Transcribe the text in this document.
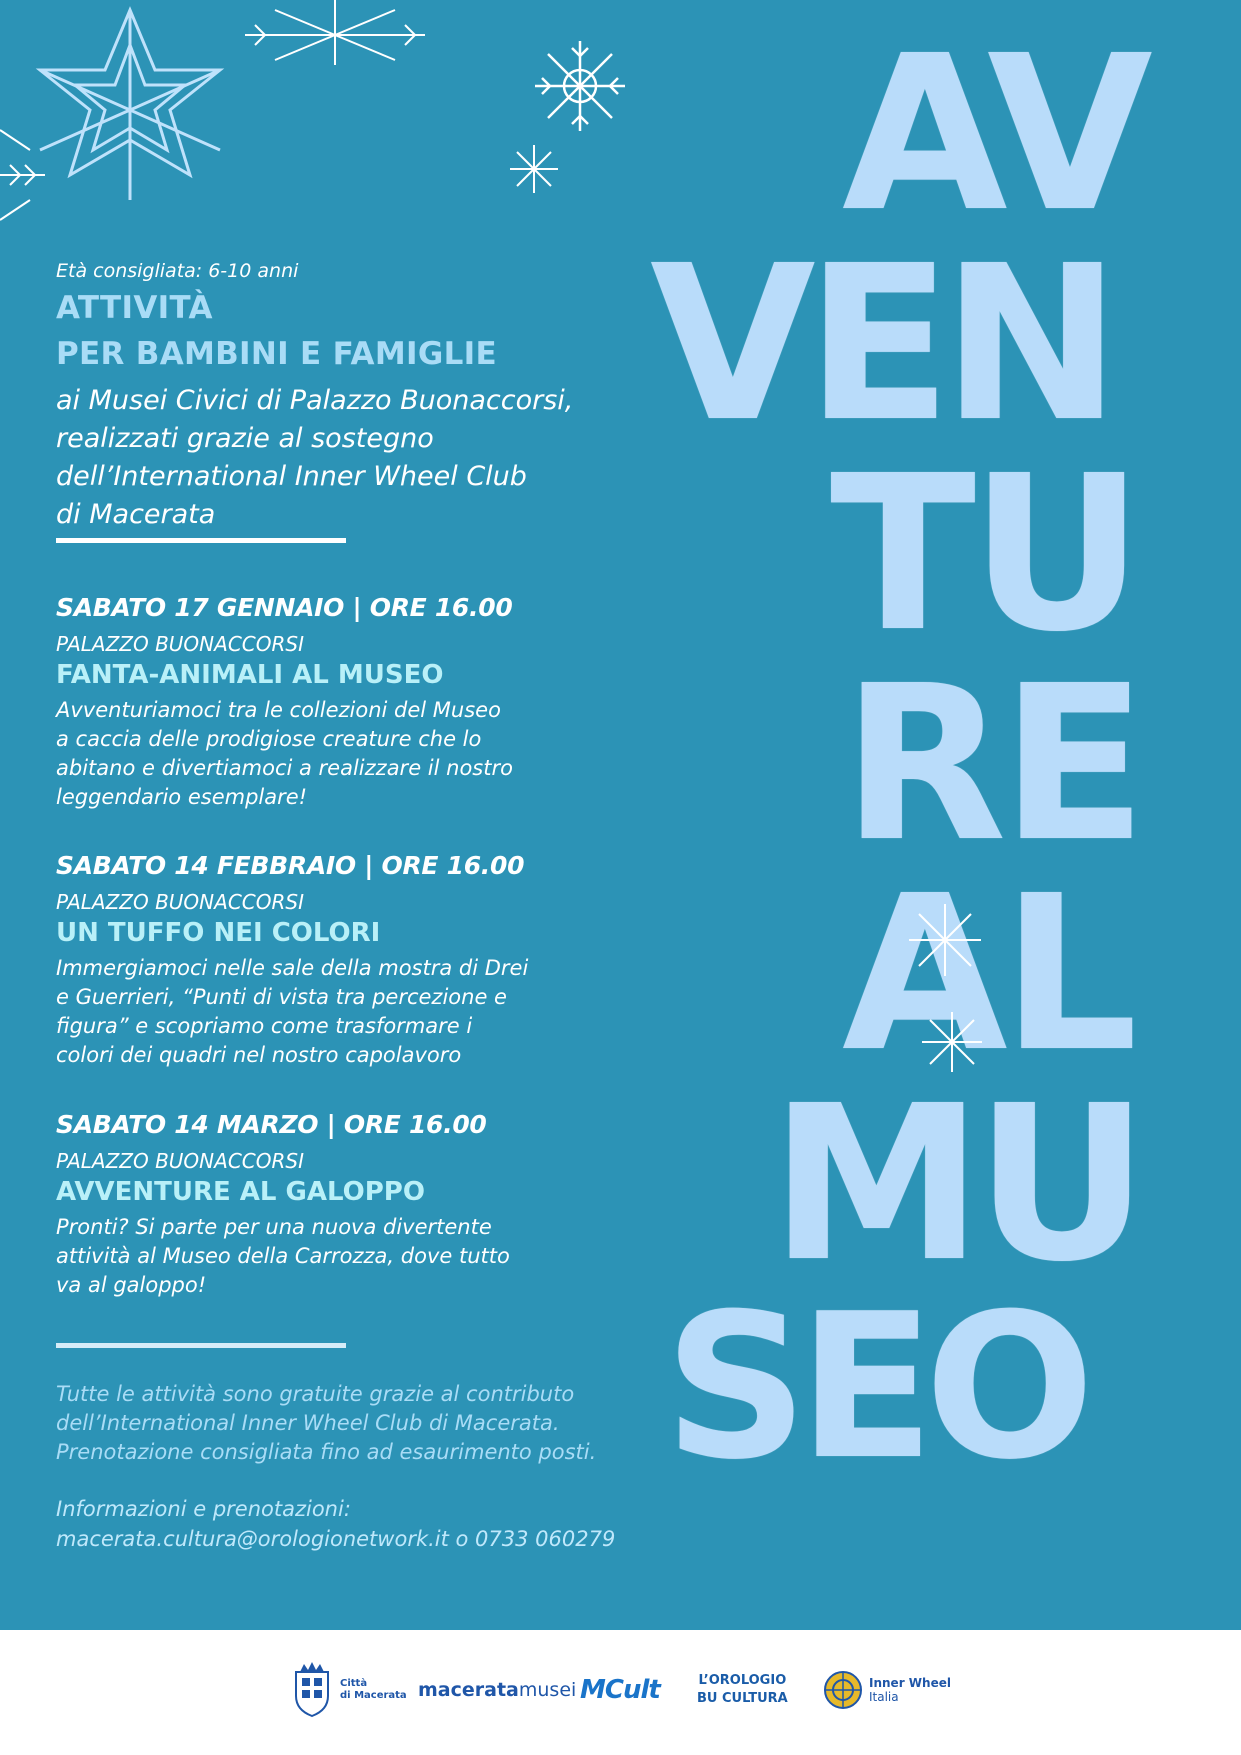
Età consigliata: 6-10 anni
ATTIVITÀ
PER BAMBINI E FAMIGLIE
ai Musei Civici di Palazzo Buonaccorsi,
realizzati grazie al sostegno
dell’International Inner Wheel Club
di Macerata
SABATO 17 GENNAIO | ORE 16.00
PALAZZO BUONACCORSI
FANTA-ANIMALI AL MUSEO
Avventuriamoci tra le collezioni del Museo
a caccia delle prodigiose creature che lo
abitano e divertiamoci a realizzare il nostro
leggendario esemplare!
SABATO 14 FEBBRAIO | ORE 16.00
PALAZZO BUONACCORSI
UN TUFFO NEI COLORI
Immergiamoci nelle sale della mostra di Drei
e Guerrieri, “Punti di vista tra percezione e
figura” e scopriamo come trasformare i
colori dei quadri nel nostro capolavoro
SABATO 14 MARZO | ORE 16.00
PALAZZO BUONACCORSI
AVVENTURE AL GALOPPO
Pronti? Si parte per una nuova divertente
attività al Museo della Carrozza, dove tutto
va al galoppo!
Tutte le attività sono gratuite grazie al contributo
dell’International Inner Wheel Club di Macerata.
Prenotazione consigliata fino ad esaurimento posti.
Informazioni e prenotazioni:
macerata.cultura@orologionetwork.it o 0733 060279
AV
VEN
TU
RE
AL
MU
SEO
Città
di Macerata maceratamusei MCult	L’OROLOGIO
BU CULTURA
Inner Wheel
Italia
